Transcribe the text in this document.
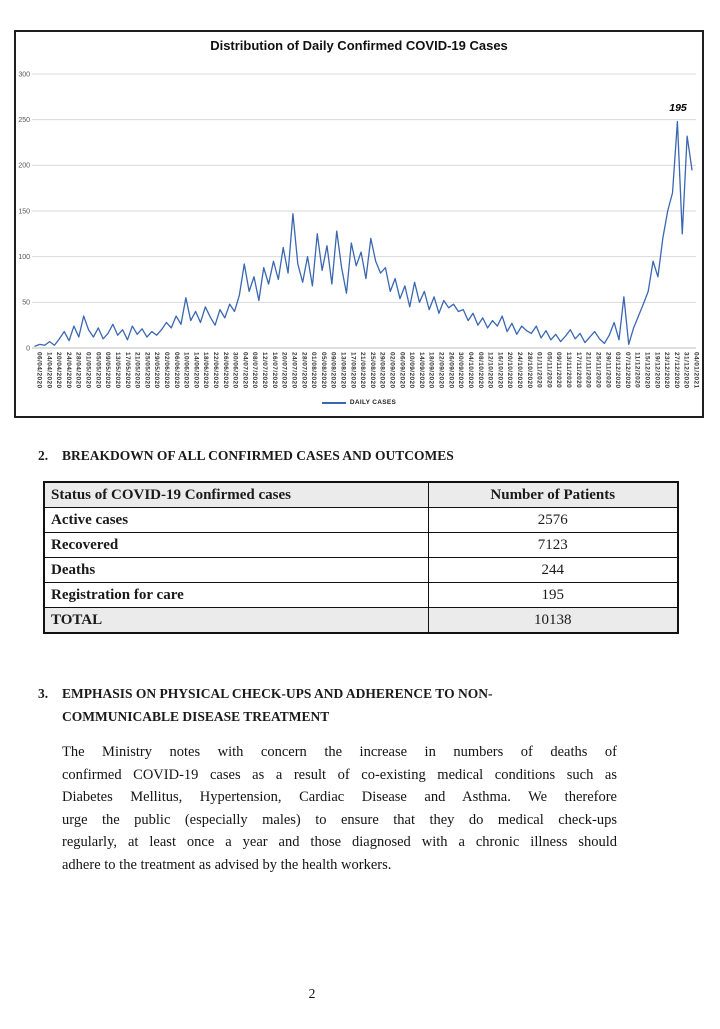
Distribution of Daily Confirmed COVID-19 Cases
0
50
100
150
200
250
300
06/04/2020 14/04/2020 20/04/2020 24/04/2020 28/04/2020 01/05/2020 05/05/2020 09/05/2020 13/05/2020 17/05/2020 21/05/2020 25/05/2020 29/05/2020 02/06/2020 06/06/2020 10/06/2020 14/06/2020 18/06/2020 22/06/2020 26/06/2020 30/06/2020 04/07/2020 08/07/2020 12/07/2020 16/07/2020 20/07/2020 24/07/2020 28/07/2020 01/08/2020 05/08/2020 09/08/2020 13/08/2020 17/08/2020 21/08/2020 25/08/2020 29/08/2020 02/09/2020 06/09/2020 10/09/2020 14/09/2020 18/09/2020 22/09/2020 26/09/2020 30/09/2020 04/10/2020 08/10/2020 12/10/2020 16/10/2020 20/10/2020 24/10/2020 28/10/2020 01/11/2020 05/11/2020 09/11/2020 13/11/2020 17/11/2020 21/11/2020 25/11/2020 29/11/2020 03/12/2020 07/12/2020 11/12/2020 15/12/2020 19/12/2020 23/12/2020 27/12/2020 31/12/2020 04/01/2021
195
DAILY CASES
2.	BREAKDOWN OF ALL CONFIRMED CASES AND OUTCOMES
Status of COVID-19 Confirmed cases	Number of Patients
Active cases	2576
Recovered	7123
Deaths	244
Registration for care	195
TOTAL	10138
3.	EMPHASIS ON PHYSICAL CHECK-UPS AND ADHERENCE TO NON-
COMMUNICABLE DISEASE TREATMENT
The Ministry notes with concern the increase in numbers of deaths of
confirmed COVID-19 cases as a result of co-existing medical conditions such as
Diabetes Mellitus, Hypertension, Cardiac Disease and Asthma. We therefore
urge the public (especially males) to ensure that they do medical check-ups
regularly, at least once a year and those diagnosed with a chronic illness should
adhere to the treatment as advised by the health workers.
2
